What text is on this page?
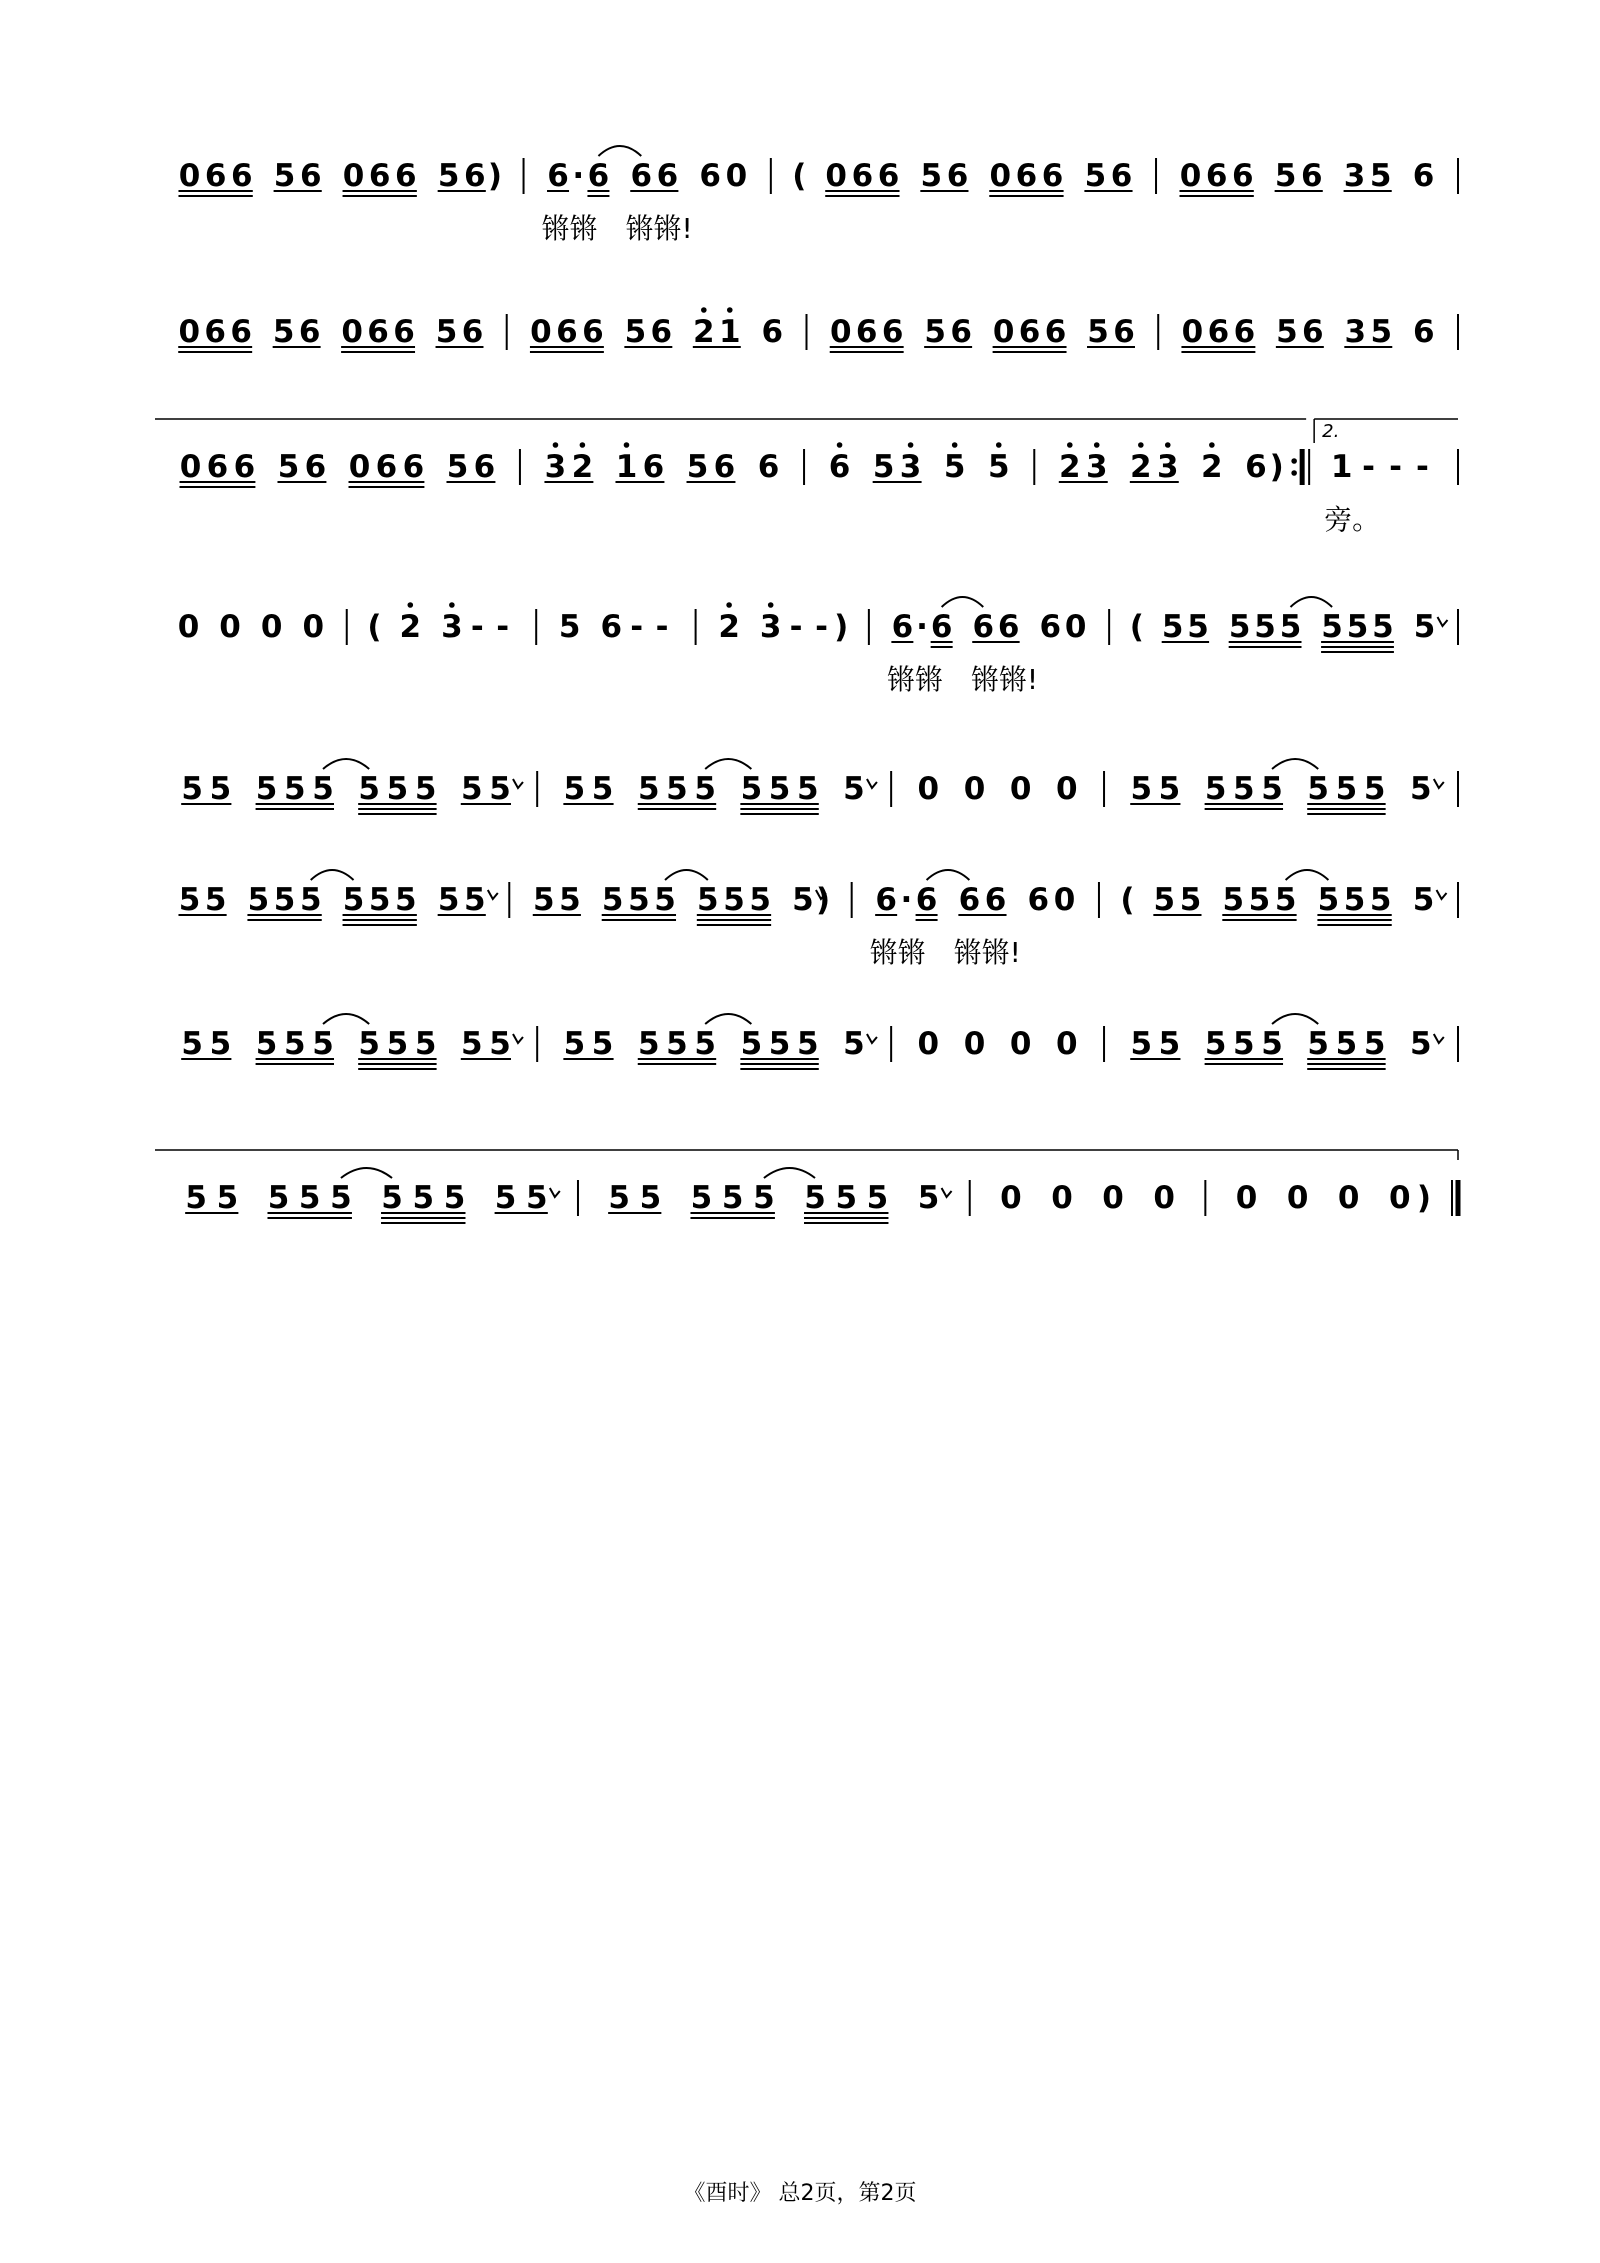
0 6 6 5 6 0 6 6 5 6 ) 6 · 6 6 6 6 0 ( 0 6 6 5 6 0 6 6 5 6 0 6 6 5 6 3 5 6
锵锵　锵锵!
0 6 6 5 6 0 6 6 5 6 0 6 6 5 6 2 1 6 0 6 6 5 6 0 6 6 5 6 0 6 6 5 6 3 5 6
0 6 6 5 6 0 6 6 5 6 3 2 1 6 5 6 6 6 5 3 5 5 2 3 2 3 2 6 ) 1 - - -
2.
旁。
0 0 0 0 ( 2 3 - - 5 6 - - 2 3 - - ) 6 · 6 6 6 6 0 ( 5 5 5 5 5 5 5 5 5
锵锵　锵锵!
5 5 5 5 5 5 5 5 5 5 5 5 5 5 5 5 5 5 5 0 0 0 0 5 5 5 5 5 5 5 5 5
5 5 5 5 5 5 5 5 5 5 5 5 5 5 5 5 5 5 5 ) 6 · 6 6 6 6 0 ( 5 5 5 5 5 5 5 5 5
锵锵　锵锵!
5 5 5 5 5 5 5 5 5 5 5 5 5 5 5 5 5 5 5 0 0 0 0 5 5 5 5 5 5 5 5 5
5 5 5 5 5 5 5 5 5 5 5 5 5 5 5 5 5 5 5 0 0 0 0 0 0 0 0 )
《酉时》 总2页，第2页
